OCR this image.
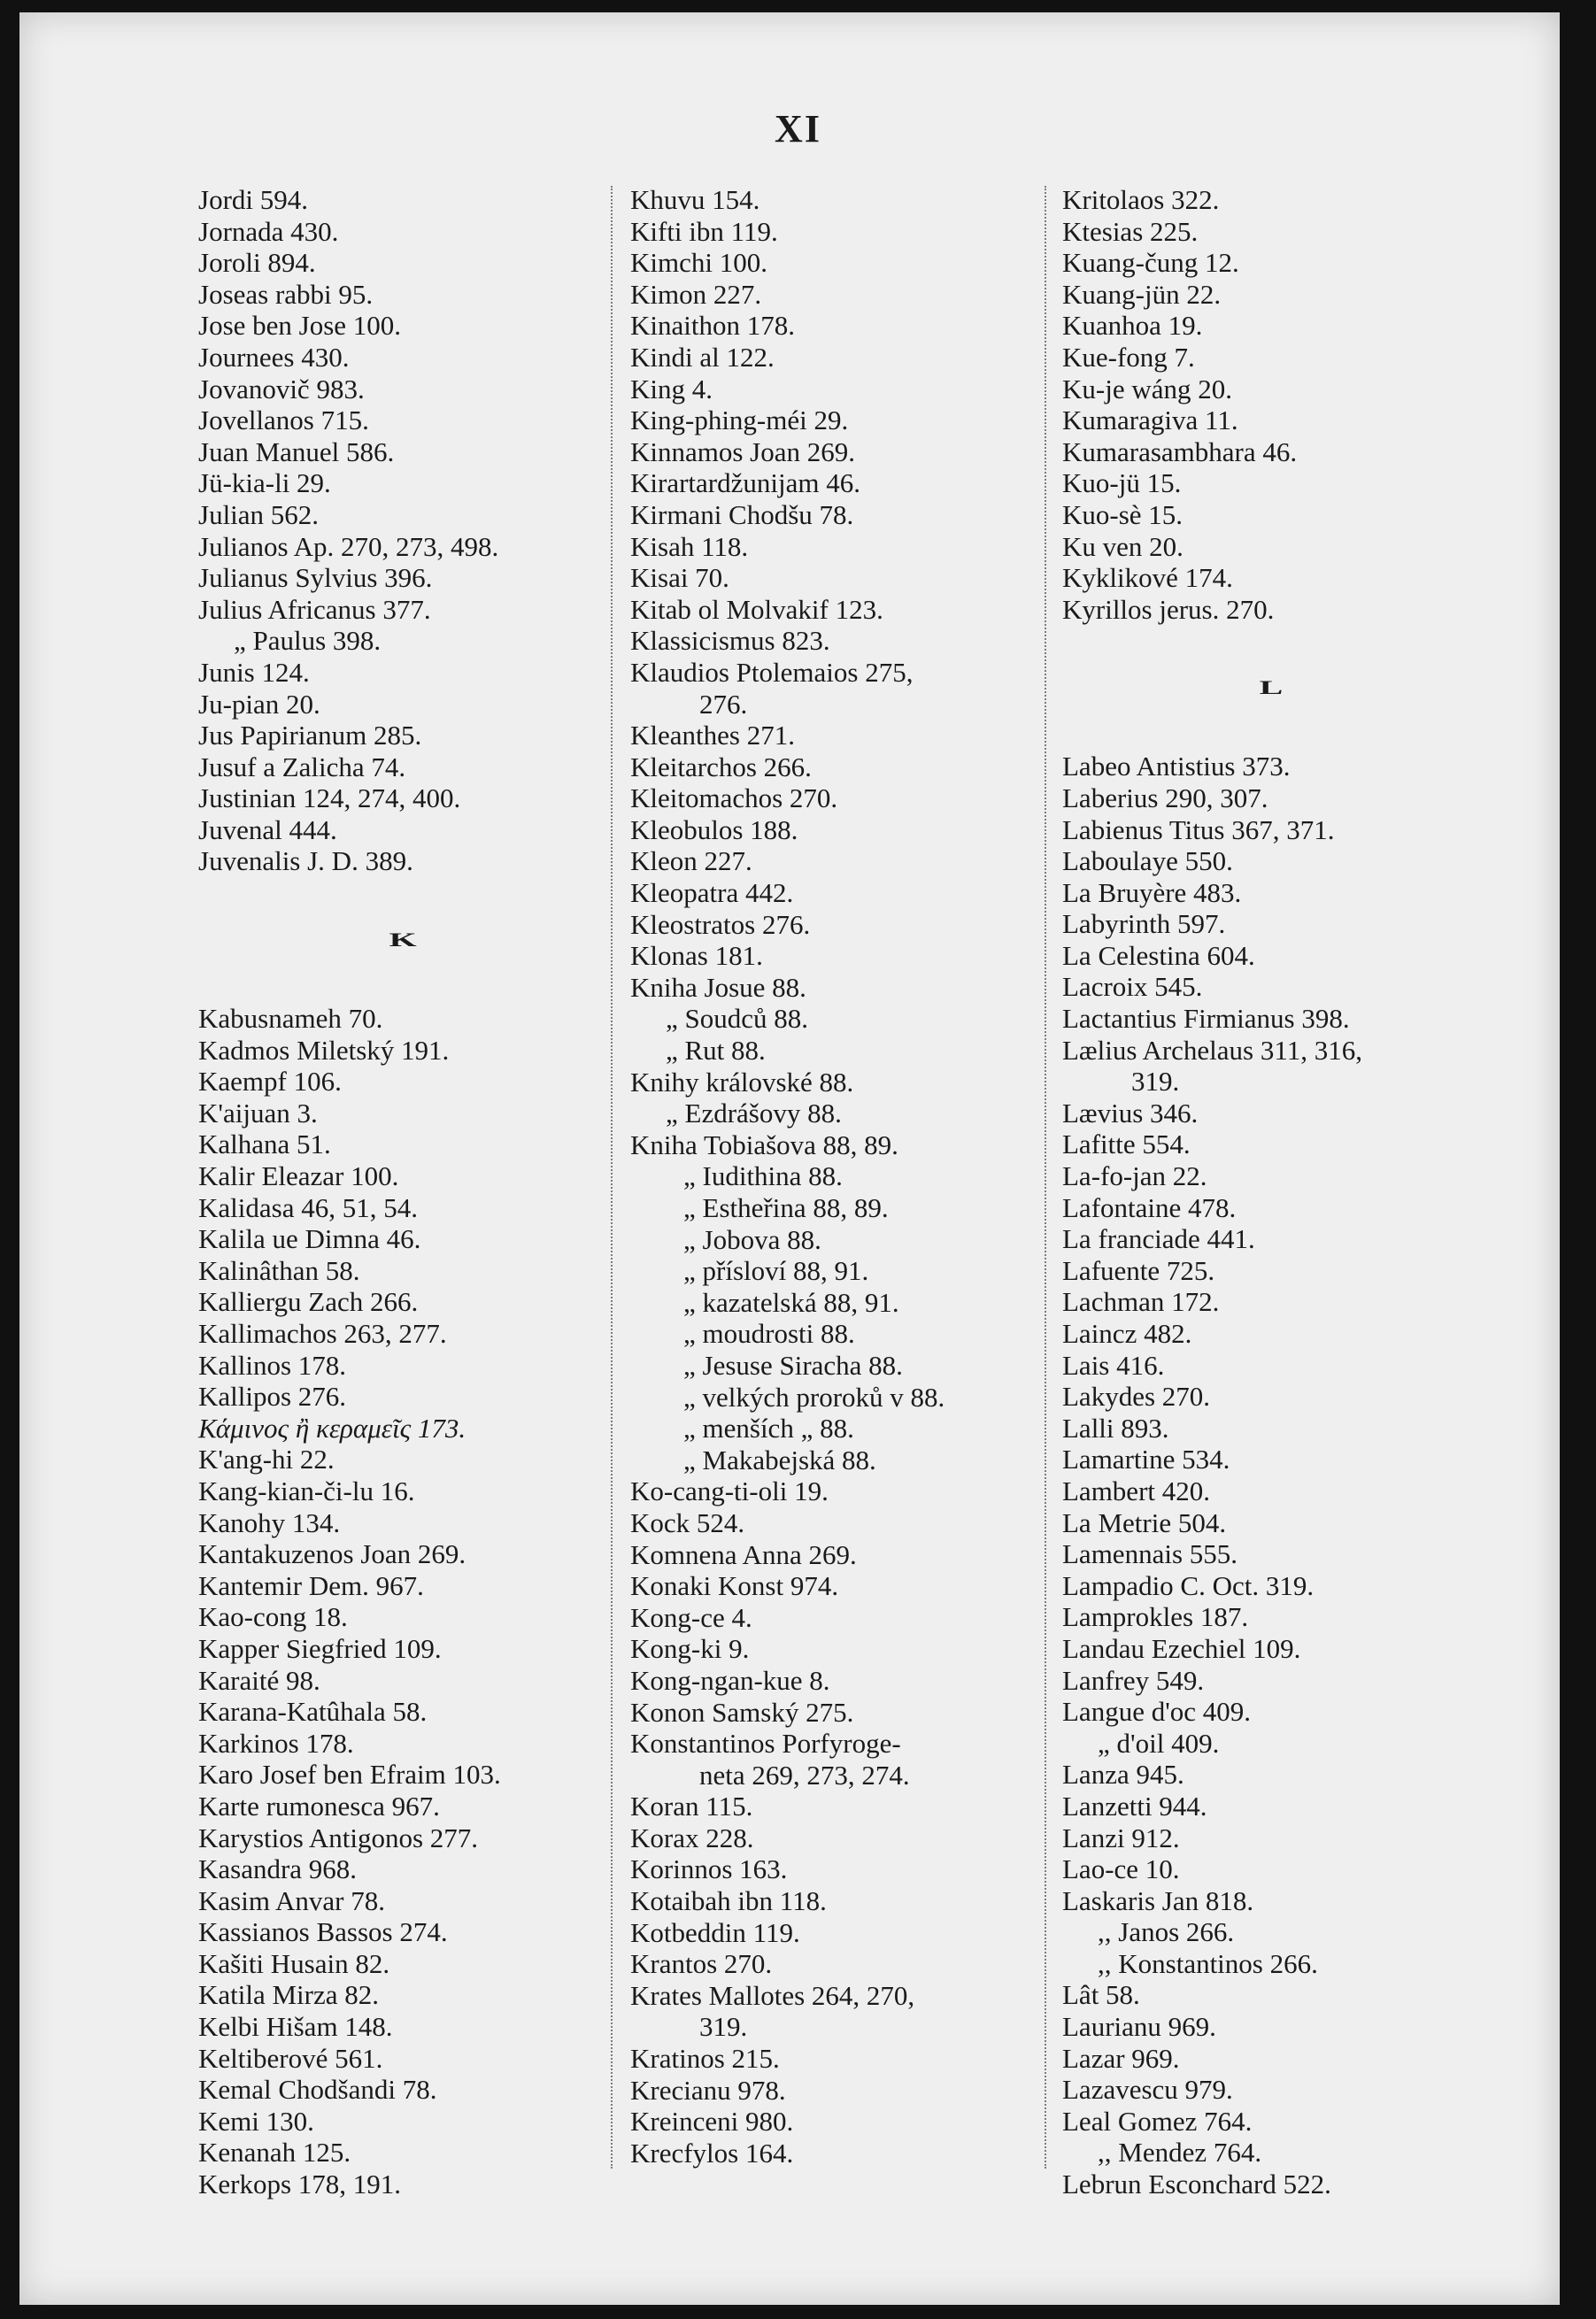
XI
Jordi 594.
Jornada 430.
Joroli 894.
Joseas rabbi 95.
Jose ben Jose 100.
Journees 430.
Jovanovič 983.
Jovellanos 715.
Juan Manuel 586.
Jü-kia-li 29.
Julian 562.
Julianos Ap. 270, 273, 498.
Julianus Sylvius 396.
Julius Africanus 377.
„ Paulus 398.
Junis 124.
Ju-pian 20.
Jus Papirianum 285.
Jusuf a Zalicha 74.
Justinian 124, 274, 400.
Juvenal 444.
Juvenalis J. D. 389.
K
Kabusnameh 70.
Kadmos Miletský 191.
Kaempf 106.
K'aijuan 3.
Kalhana 51.
Kalir Eleazar 100.
Kalidasa 46, 51, 54.
Kalila ue Dimna 46.
Kalinâthan 58.
Kalliergu Zach 266.
Kallimachos 263, 277.
Kallinos 178.
Kallipos 276.
Κάμινος ἢ κεραμεῖς 173.
K'ang-hi 22.
Kang-kian-či-lu 16.
Kanohy 134.
Kantakuzenos Joan 269.
Kantemir Dem. 967.
Kao-cong 18.
Kapper Siegfried 109.
Karaité 98.
Karana-Katûhala 58.
Karkinos 178.
Karo Josef ben Efraim 103.
Karte rumonesca 967.
Karystios Antigonos 277.
Kasandra 968.
Kasim Anvar 78.
Kassianos Bassos 274.
Kašiti Husain 82.
Katila Mirza 82.
Kelbi Hišam 148.
Keltiberové 561.
Kemal Chodšandi 78.
Kemi 130.
Kenanah 125.
Kerkops 178, 191.
Khuvu 154.
Kifti ibn 119.
Kimchi 100.
Kimon 227.
Kinaithon 178.
Kindi al 122.
King 4.
King-phing-méi 29.
Kinnamos Joan 269.
Kirartardžunijam 46.
Kirmani Chodšu 78.
Kisah 118.
Kisai 70.
Kitab ol Molvakif 123.
Klassicismus 823.
Klaudios Ptolemaios 275,
276.
Kleanthes 271.
Kleitarchos 266.
Kleitomachos 270.
Kleobulos 188.
Kleon 227.
Kleopatra 442.
Kleostratos 276.
Klonas 181.
Kniha Josue 88.
„ Soudců 88.
„ Rut 88.
Knihy královské 88.
„ Ezdrášovy 88.
Kniha Tobiašova 88, 89.
„ Iudithina 88.
„ Esthеřina 88, 89.
„ Jobova 88.
„ přísloví 88, 91.
„ kazatelská 88, 91.
„ moudrosti 88.
„ Jesuse Siracha 88.
„ velkých proroků v 88.
„ menších „ 88.
„ Makabejská 88.
Ko-cang-ti-oli 19.
Kock 524.
Komnena Anna 269.
Konaki Konst 974.
Kong-ce 4.
Kong-ki 9.
Kong-ngan-kue 8.
Konon Samský 275.
Konstantinos Porfyroge-
neta 269, 273, 274.
Koran 115.
Korax 228.
Korinnos 163.
Kotaibah ibn 118.
Kotbeddin 119.
Krantos 270.
Krates Mallotes 264, 270,
319.
Kratinos 215.
Krecianu 978.
Kreinceni 980.
Krecfylos 164.
Kritolaos 322.
Ktesias 225.
Kuang-čung 12.
Kuang-jün 22.
Kuanhoa 19.
Kue-fong 7.
Ku-je wáng 20.
Kumaragiva 11.
Kumarasambhara 46.
Kuo-jü 15.
Kuo-sè 15.
Ku ven 20.
Kyklikové 174.
Kyrillos jerus. 270.
L
Labeo Antistius 373.
Laberius 290, 307.
Labienus Titus 367, 371.
Laboulaye 550.
La Bruyère 483.
Labyrinth 597.
La Celestina 604.
Lacroix 545.
Lactantius Firmianus 398.
Lælius Archelaus 311, 316,
319.
Lævius 346.
Lafitte 554.
La-fo-jan 22.
Lafontaine 478.
La franciade 441.
Lafuente 725.
Lachman 172.
Laincz 482.
Lais 416.
Lakydes 270.
Lalli 893.
Lamartine 534.
Lambert 420.
La Metrie 504.
Lamennais 555.
Lampadio C. Oct. 319.
Lamprokles 187.
Landau Ezechiel 109.
Lanfrey 549.
Langue d'oc 409.
„ d'oil 409.
Lanza 945.
Lanzetti 944.
Lanzi 912.
Lao-ce 10.
Laskaris Jan 818.
,, Janos 266.
,, Konstantinos 266.
Lât 58.
Laurianu 969.
Lazar 969.
Lazavescu 979.
Leal Gomez 764.
,, Mendez 764.
Lebrun Esconchard 522.
